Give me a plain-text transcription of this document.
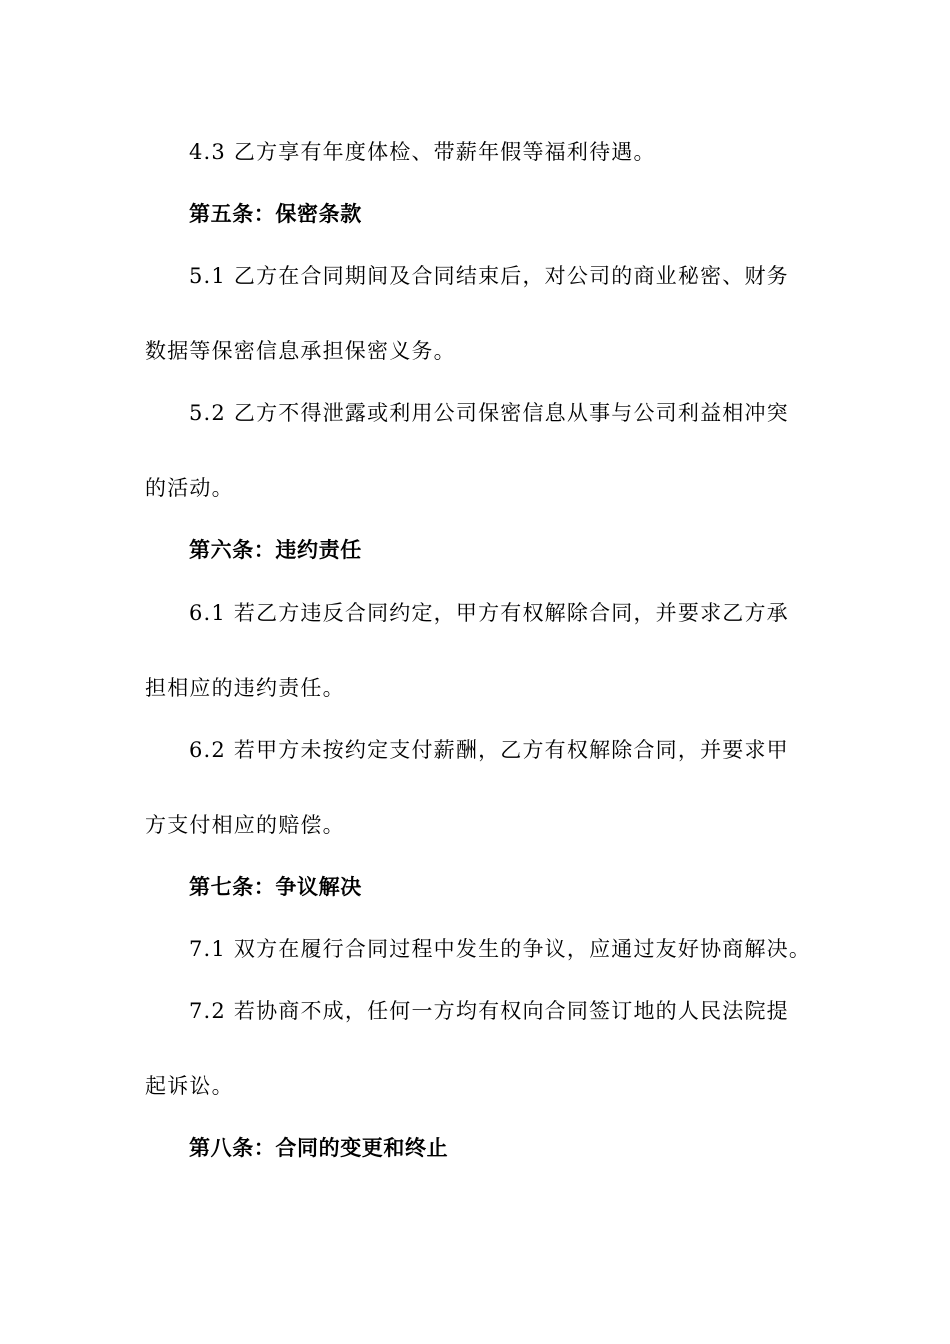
4.3 乙方享有年度体检、带薪年假等福利待遇。
第五条：保密条款
5.1 乙方在合同期间及合同结束后，对公司的商业秘密、财务
数据等保密信息承担保密义务。
5.2 乙方不得泄露或利用公司保密信息从事与公司利益相冲突
的活动。
第六条：违约责任
6.1 若乙方违反合同约定，甲方有权解除合同，并要求乙方承
担相应的违约责任。
6.2 若甲方未按约定支付薪酬，乙方有权解除合同，并要求甲
方支付相应的赔偿。
第七条：争议解决
7.1 双方在履行合同过程中发生的争议，应通过友好协商解决。
7.2 若协商不成，任何一方均有权向合同签订地的人民法院提
起诉讼。
第八条：合同的变更和终止
